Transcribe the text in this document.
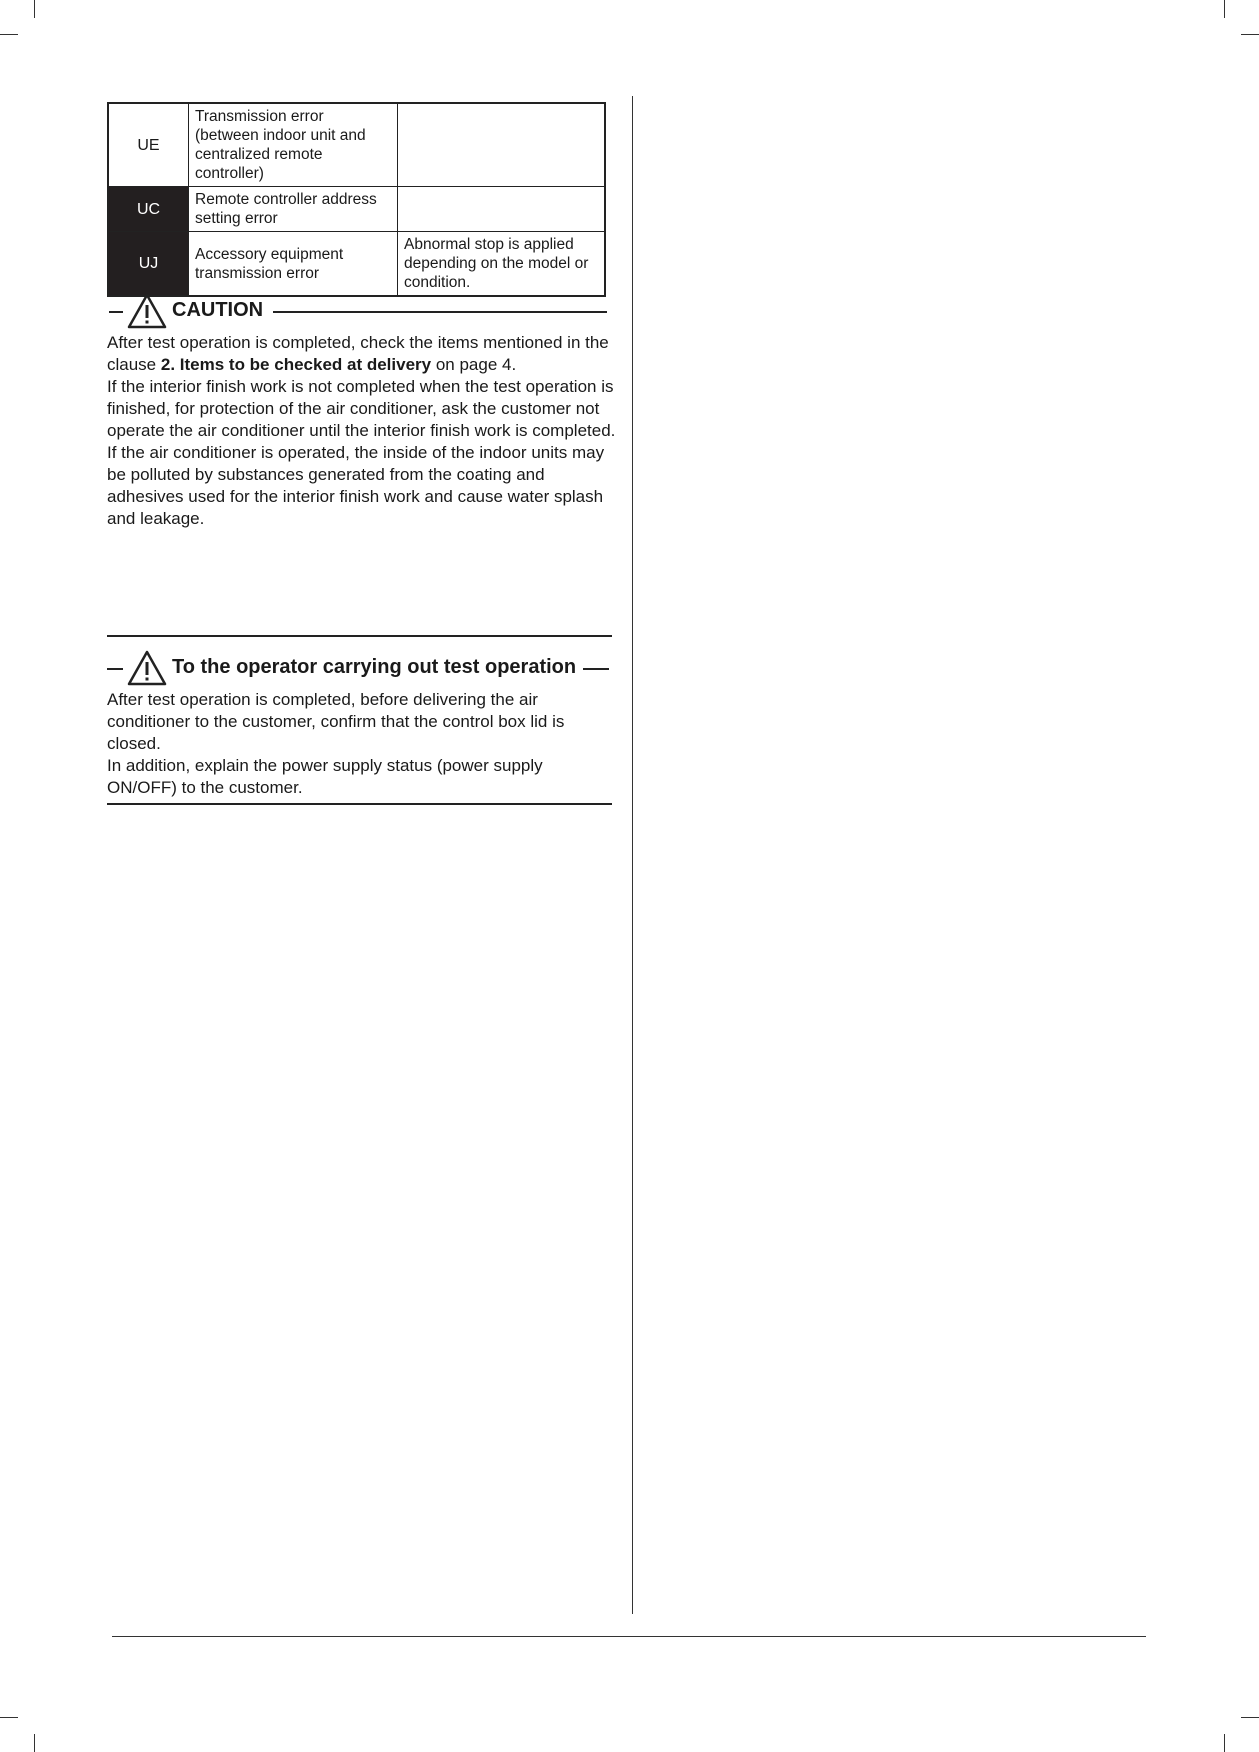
UE	Transmission error (between indoor unit and centralized remote controller)	
UC	Remote controller address setting error	
UJ	Accessory equipment transmission error	Abnormal stop is applied depending on the model or condition.
CAUTION

After test operation is completed, check the items mentioned in the clause 2. Items to be checked at delivery on page 4.

If the interior finish work is not completed when the test operation is finished, for protection of the air conditioner, ask the customer not operate the air conditioner until the interior finish work is completed.

If the air conditioner is operated, the inside of the indoor units may be polluted by substances generated from the coating and adhesives used for the interior finish work and cause water splash and leakage.

To the operator carrying out test operation

After test operation is completed, before delivering the air conditioner to the customer, confirm that the control box lid is closed.

In addition, explain the power supply status (power supply ON/OFF) to the customer.
